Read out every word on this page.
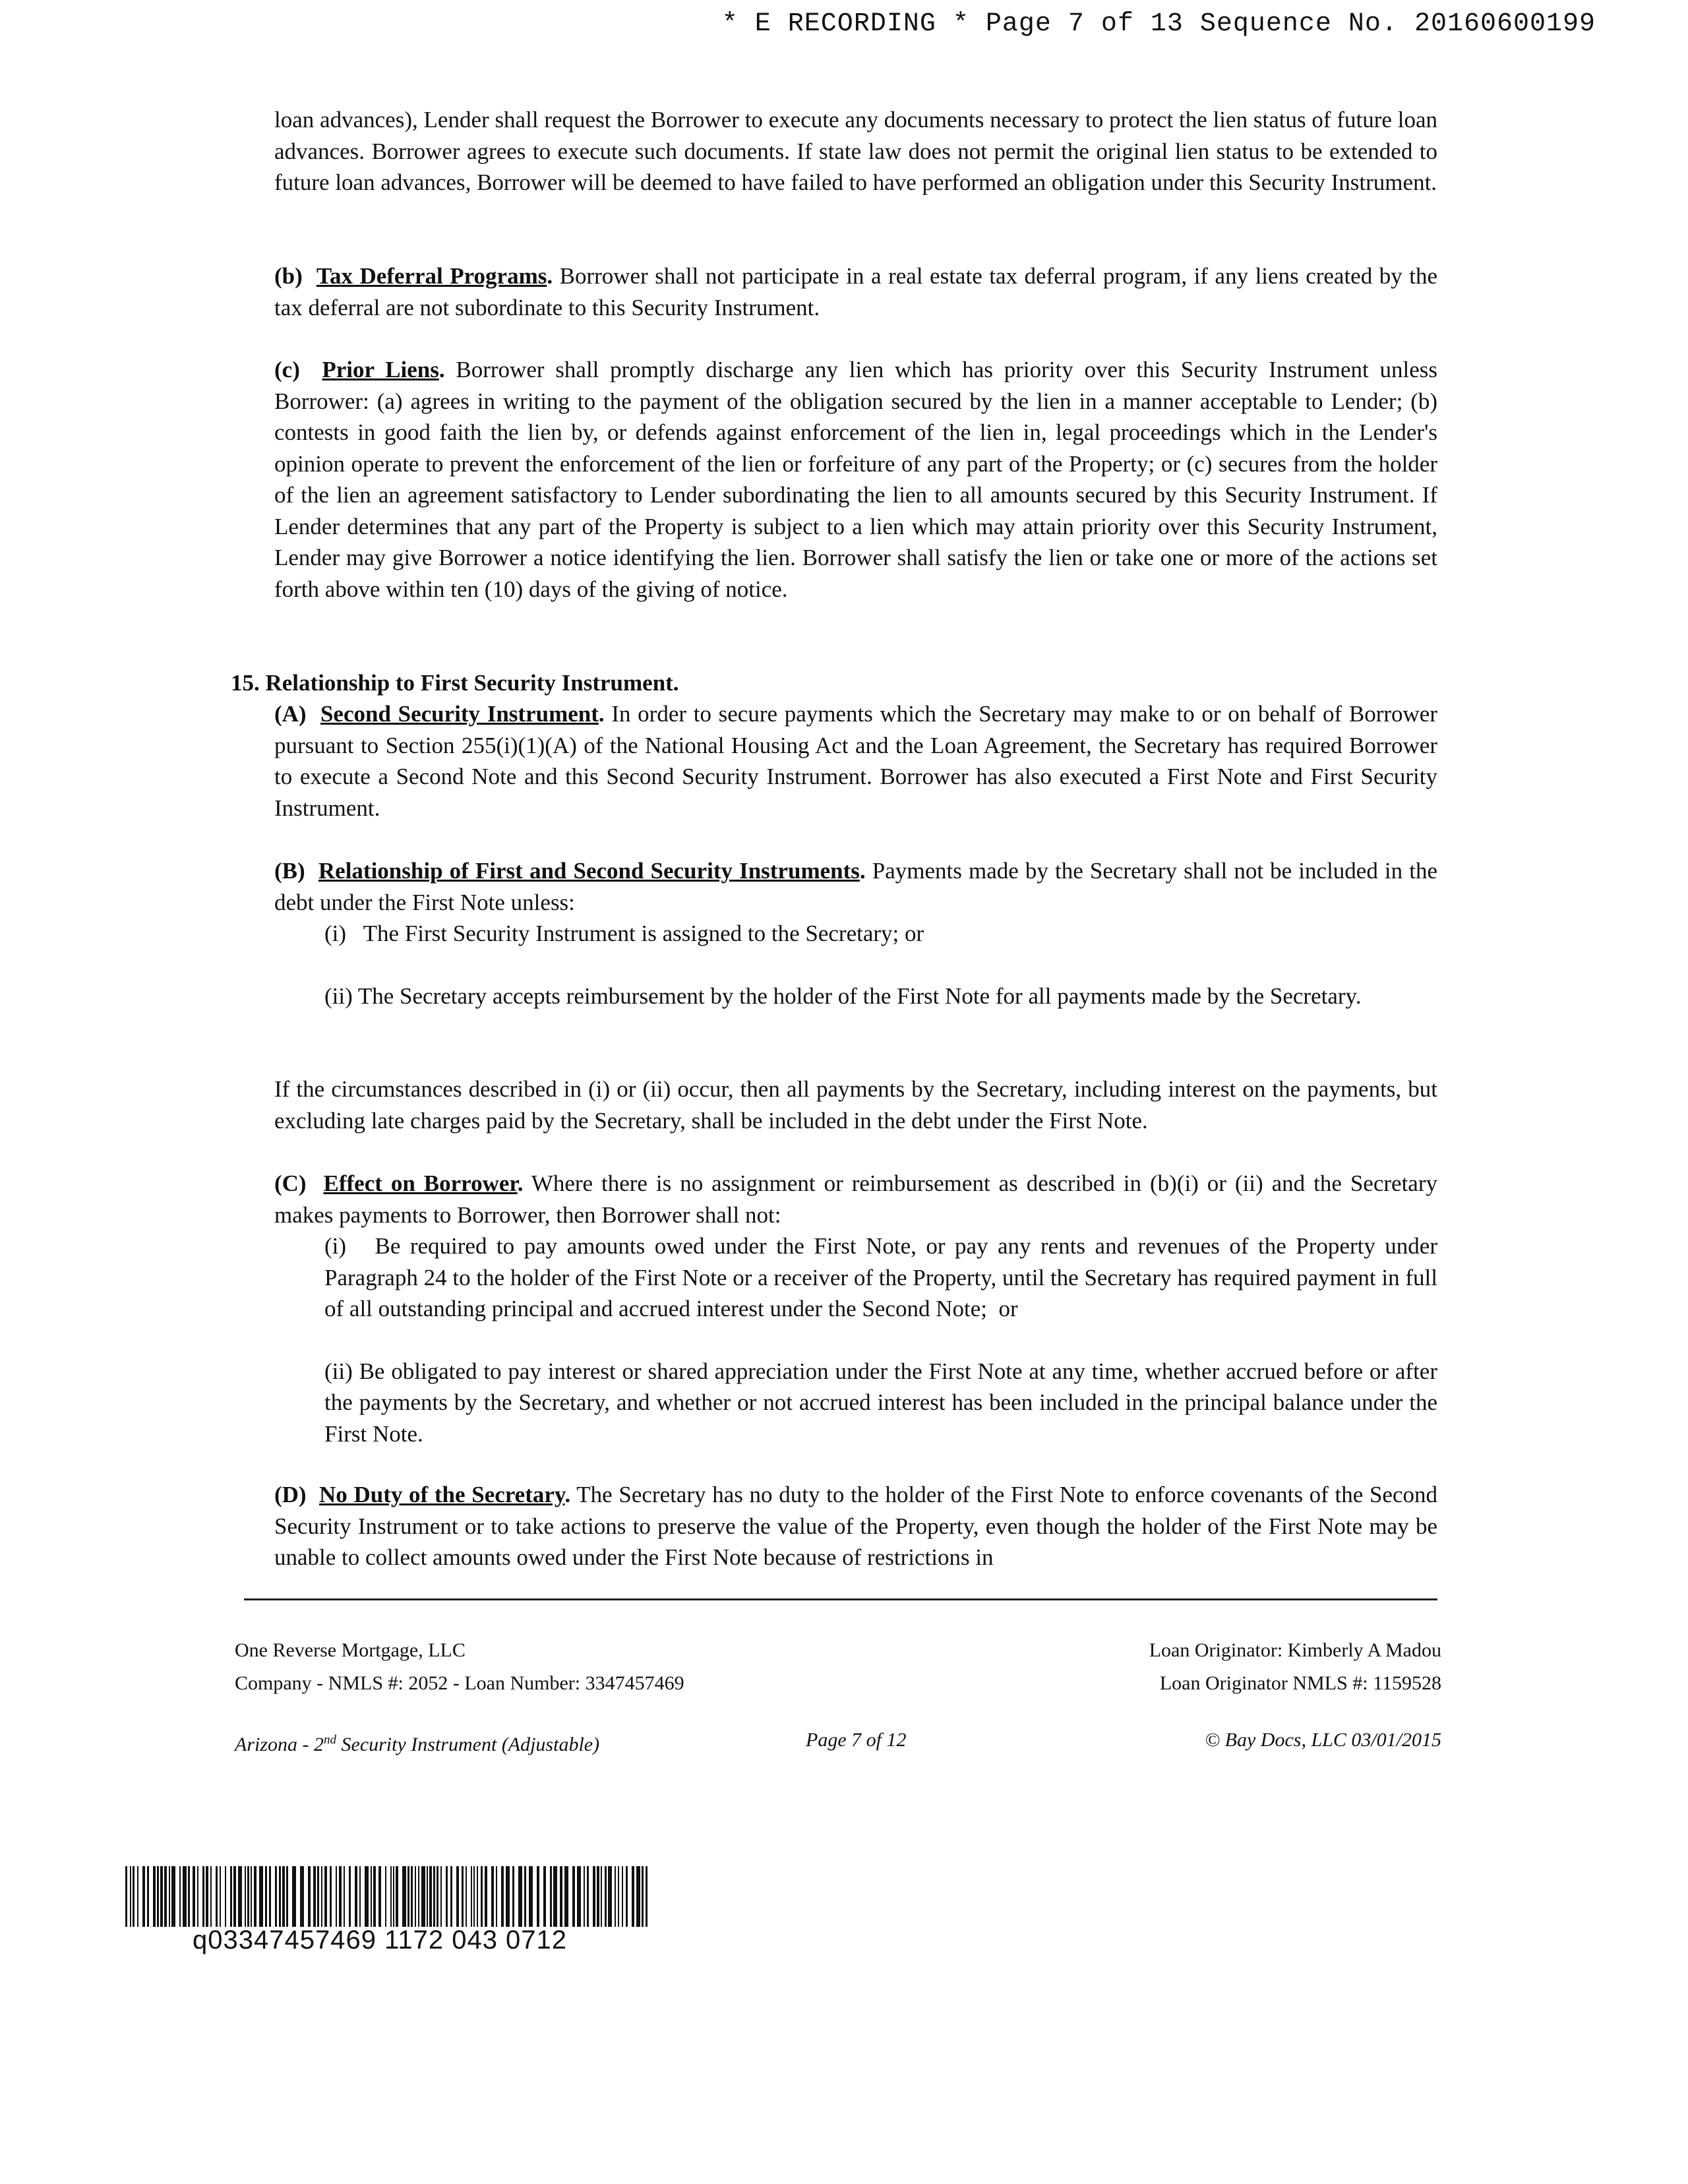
* E RECORDING * Page 7 of 13 Sequence No. 20160600199

loan advances), Lender shall request the Borrower to execute any documents necessary to protect the lien status of future loan advances. Borrower agrees to execute such documents. If state law does not permit the original lien status to be extended to future loan advances, Borrower will be deemed to have failed to have performed an obligation under this Security Instrument.

(b) Tax Deferral Programs. Borrower shall not participate in a real estate tax deferral program, if any liens created by the tax deferral are not subordinate to this Security Instrument.

(c) Prior Liens. Borrower shall promptly discharge any lien which has priority over this Security Instrument unless Borrower: (a) agrees in writing to the payment of the obligation secured by the lien in a manner acceptable to Lender; (b) contests in good faith the lien by, or defends against enforcement of the lien in, legal proceedings which in the Lender's opinion operate to prevent the enforcement of the lien or forfeiture of any part of the Property; or (c) secures from the holder of the lien an agreement satisfactory to Lender subordinating the lien to all amounts secured by this Security Instrument. If Lender determines that any part of the Property is subject to a lien which may attain priority over this Security Instrument, Lender may give Borrower a notice identifying the lien. Borrower shall satisfy the lien or take one or more of the actions set forth above within ten (10) days of the giving of notice.

15. Relationship to First Security Instrument.

(A) Second Security Instrument. In order to secure payments which the Secretary may make to or on behalf of Borrower pursuant to Section 255(i)(1)(A) of the National Housing Act and the Loan Agreement, the Secretary has required Borrower to execute a Second Note and this Second Security Instrument. Borrower has also executed a First Note and First Security Instrument.

(B) Relationship of First and Second Security Instruments. Payments made by the Secretary shall not be included in the debt under the First Note unless:

(i)   The First Security Instrument is assigned to the Secretary; or

(ii) The Secretary accepts reimbursement by the holder of the First Note for all payments made by the Secretary.

If the circumstances described in (i) or (ii) occur, then all payments by the Secretary, including interest on the payments, but excluding late charges paid by the Secretary, shall be included in the debt under the First Note.

(C) Effect on Borrower. Where there is no assignment or reimbursement as described in (b)(i) or (ii) and the Secretary makes payments to Borrower, then Borrower shall not:

(i)   Be required to pay amounts owed under the First Note, or pay any rents and revenues of the Property under Paragraph 24 to the holder of the First Note or a receiver of the Property, until the Secretary has required payment in full of all outstanding principal and accrued interest under the Second Note;  or

(ii) Be obligated to pay interest or shared appreciation under the First Note at any time, whether accrued before or after the payments by the Secretary, and whether or not accrued interest has been included in the principal balance under the First Note.

(D) No Duty of the Secretary. The Secretary has no duty to the holder of the First Note to enforce covenants of the Second Security Instrument or to take actions to preserve the value of the Property, even though the holder of the First Note may be unable to collect amounts owed under the First Note because of restrictions in

One Reverse Mortgage, LLC
Company - NMLS #: 2052 - Loan Number: 3347457469
Loan Originator: Kimberly A Madou
Loan Originator NMLS #: 1159528
Arizona - 2nd Security Instrument (Adjustable)	Page 7 of 12	© Bay Docs, LLC 03/01/2015
q03347457469 1172 043 0712
